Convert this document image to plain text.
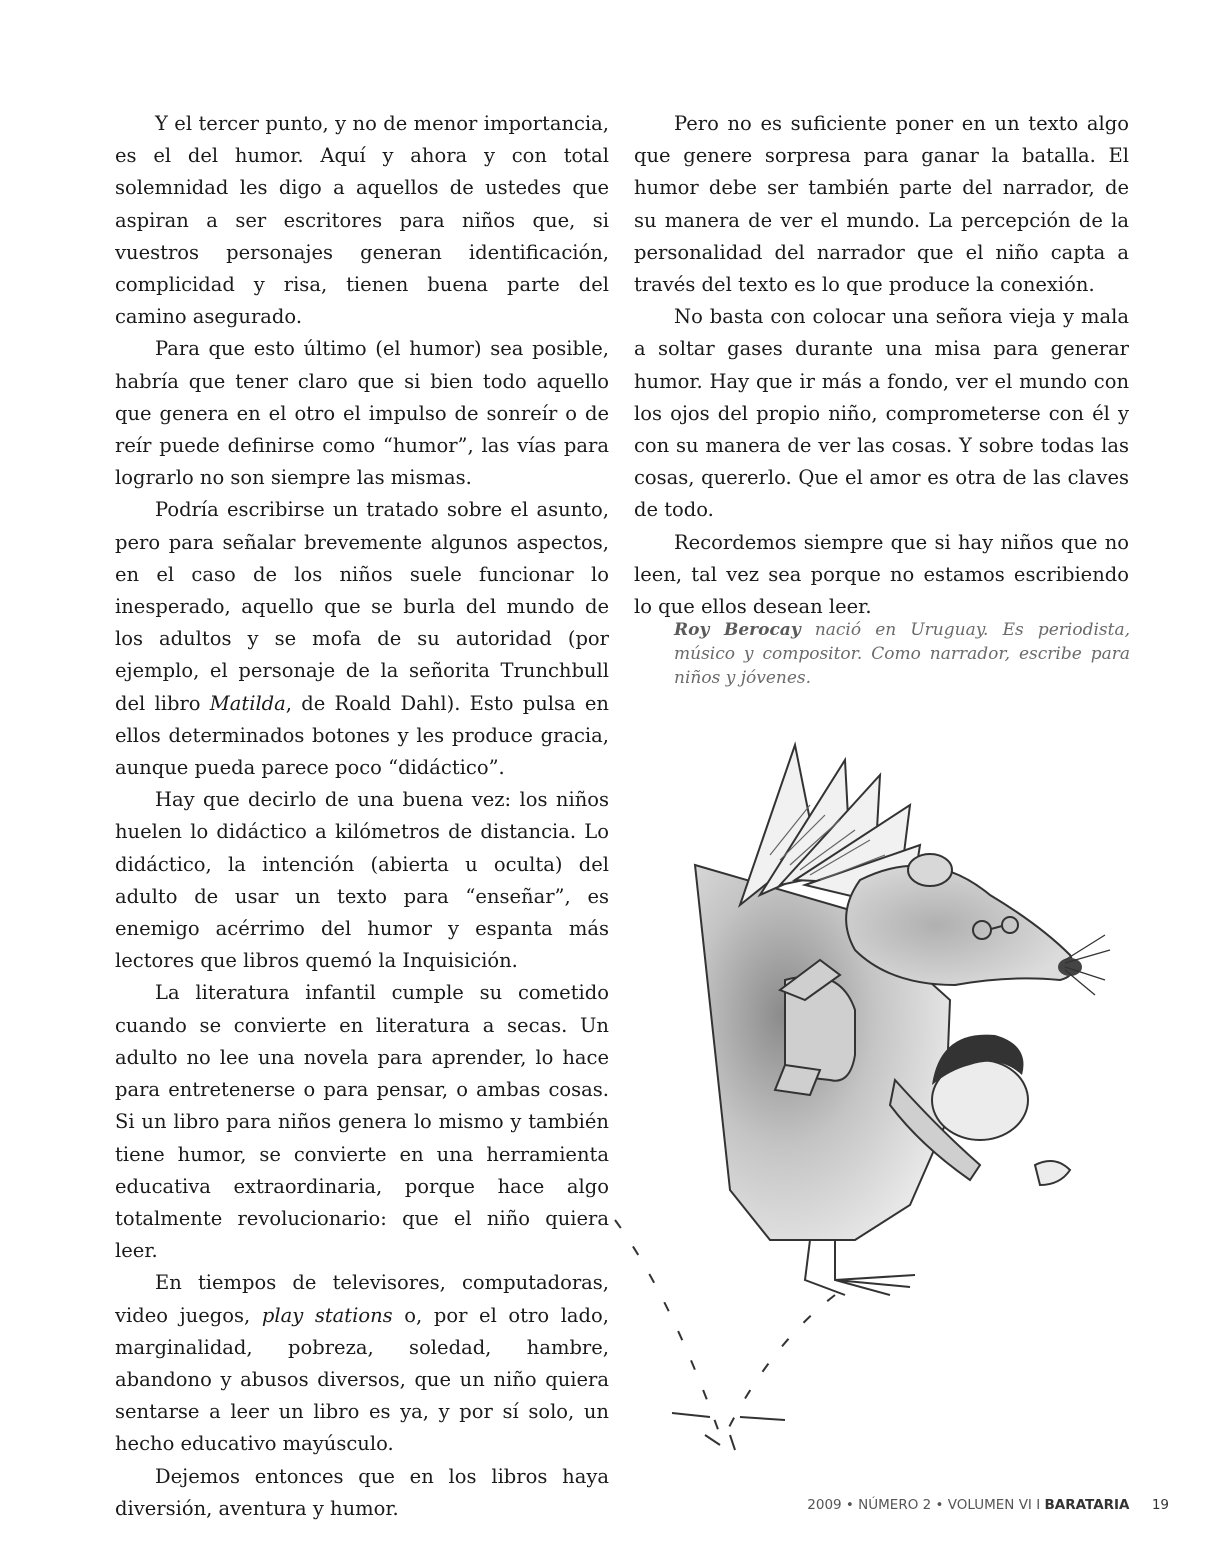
Y el tercer punto, y no de menor importancia, es el del humor. Aquí y ahora y con total solemnidad les digo a aquellos de ustedes que aspiran a ser escritores para niños que, si vuestros personajes generan identificación, complicidad y risa, tienen buena parte del camino asegurado.

Para que esto último (el humor) sea posible, habría que tener claro que si bien todo aquello que genera en el otro el impulso de sonreír o de reír puede definirse como “humor”, las vías para lograrlo no son siempre las mismas.

Podría escribirse un tratado sobre el asunto, pero para señalar brevemente algunos aspectos, en el caso de los niños suele funcionar lo inesperado, aquello que se burla del mundo de los adultos y se mofa de su autoridad (por ejemplo, el personaje de la señorita Trunchbull del libro Matilda, de Roald Dahl). Esto pulsa en ellos determinados botones y les produce gracia, aunque pueda parece poco “didáctico”.

Hay que decirlo de una buena vez: los niños huelen lo didáctico a kilómetros de distancia. Lo didáctico, la intención (abierta u oculta) del adulto de usar un texto para “enseñar”, es enemigo acérrimo del humor y espanta más lectores que libros quemó la Inquisición.

La literatura infantil cumple su cometido cuando se convierte en literatura a secas. Un adulto no lee una novela para aprender, lo hace para entretenerse o para pensar, o ambas cosas. Si un libro para niños genera lo mismo y también tiene humor, se convierte en una herramienta educativa extraordinaria, porque hace algo totalmente revolucionario: que el niño quiera leer.

En tiempos de televisores, computadoras, video juegos, play stations o, por el otro lado, marginalidad, pobreza, soledad, hambre, abandono y abusos diversos, que un niño quiera sentarse a leer un libro es ya, y por sí solo, un hecho educativo mayúsculo.

Dejemos entonces que en los libros haya diversión, aventura y humor.

Pero no es suficiente poner en un texto algo que genere sorpresa para ganar la batalla. El humor debe ser también parte del narrador, de su manera de ver el mundo. La percepción de la personalidad del narrador que el niño capta a través del texto es lo que produce la conexión.

No basta con colocar una señora vieja y mala a soltar gases durante una misa para generar humor. Hay que ir más a fondo, ver el mundo con los ojos del propio niño, comprometerse con él y con su manera de ver las cosas. Y sobre todas las cosas, quererlo. Que el amor es otra de las claves de todo.

Recordemos siempre que si hay niños que no leen, tal vez sea porque no estamos escribiendo lo que ellos desean leer.

Roy Berocay nació en Uruguay. Es periodista, músico y compositor. Como narrador, escribe para niños y jóvenes.

2009 • NÚMERO 2 • VOLUMEN VI I BARATARIA 19
